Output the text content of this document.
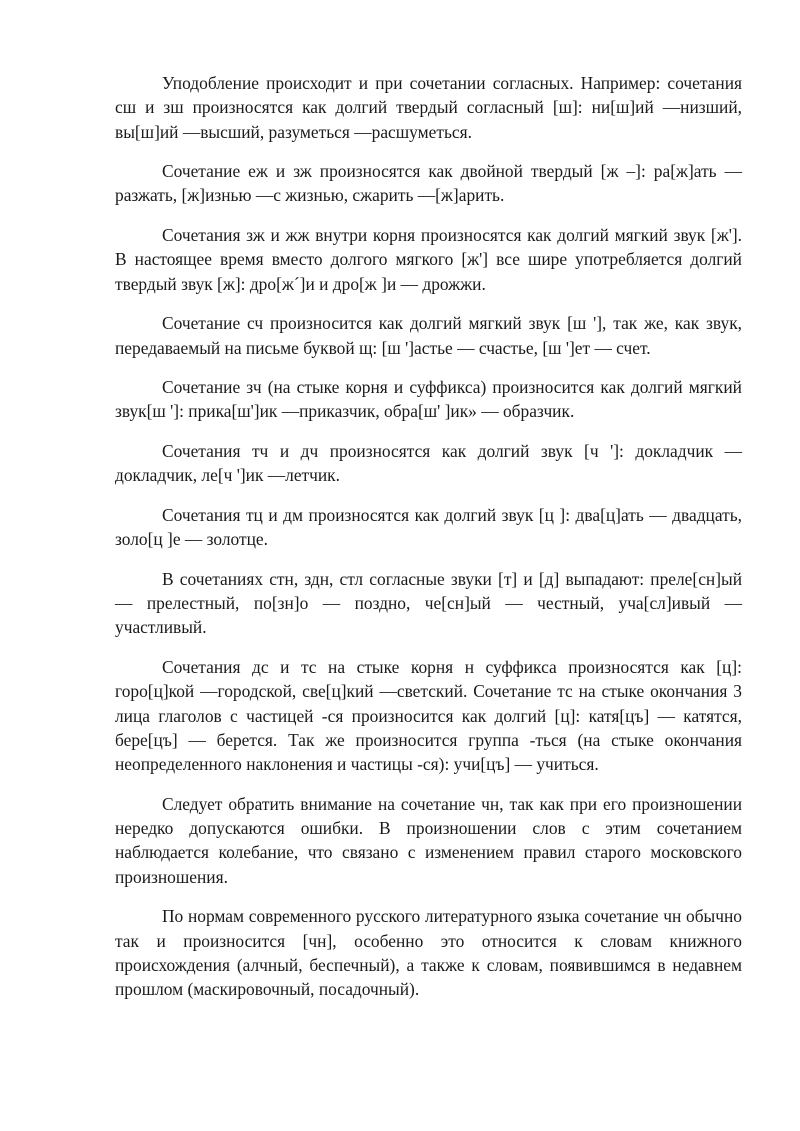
Уподобление происходит и при сочетании согласных. Например: сочетания сш и зш произносятся как долгий твердый согласный [ш]: ни[ш]ий —низший, вы[ш]ий —высший, разуметься —расшуметься.

Сочетание еж и зж произносятся как двойной твердый [ж –]: ра[ж]ать —разжать, [ж]изнью —с жизнью, сжарить —[ж]арить.

Сочетания зж и жж внутри корня произносятся как долгий мягкий звук [ж']. В настоящее время вместо долгого мягкого [ж'] все шире употребляется долгий твердый звук [ж]: дро[ж´]и и дро[ж ]и — дрожжи.

Сочетание сч произносится как долгий мягкий звук [ш '], так же, как звук, передаваемый на письме буквой щ: [ш ']астье — счастье, [ш ']ет — счет.

Сочетание зч (на стыке корня и суффикса) произносится как долгий мягкий звук[ш ']: прика[ш']ик —приказчик, обра[ш' ]ик» — образчик.

Сочетания тч и дч произносятся как долгий звук [ч ']: докладчик — докладчик, ле[ч ']ик —летчик.

Сочетания тц и дм произносятся как долгий звук [ц ]: два[ц]ать — двадцать, золо[ц ]е — золотце.

В сочетаниях стн, здн, стл согласные звуки [т] и [д] выпадают: преле[сн]ый — прелестный, по[зн]о — поздно, че[сн]ый — честный, уча[сл]ивый —участливый.

Сочетания дс и тс на стыке корня н суффикса произносятся как [ц]: горо[ц]кой —городской, све[ц]кий —светский. Сочетание тс на стыке окончания 3 лица глаголов с частицей -ся произносится как долгий [ц]: катя[цъ] — катятся, бере[цъ] — берется. Так же произносится группа -ться (на стыке окончания неопределенного наклонения и частицы -ся): учи[цъ] — учиться.

Следует обратить внимание на сочетание чн, так как при его произношении нередко допускаются ошибки. В произношении слов с этим сочетанием наблюдается колебание, что связано с изменением правил старого московского произношения.

По нормам современного русского литературного языка сочетание чн обычно так и произносится [чн], особенно это относится к словам книжного происхождения (алчный, беспечный), а также к словам, появившимся в недавнем прошлом (маскировочный, посадочный).
